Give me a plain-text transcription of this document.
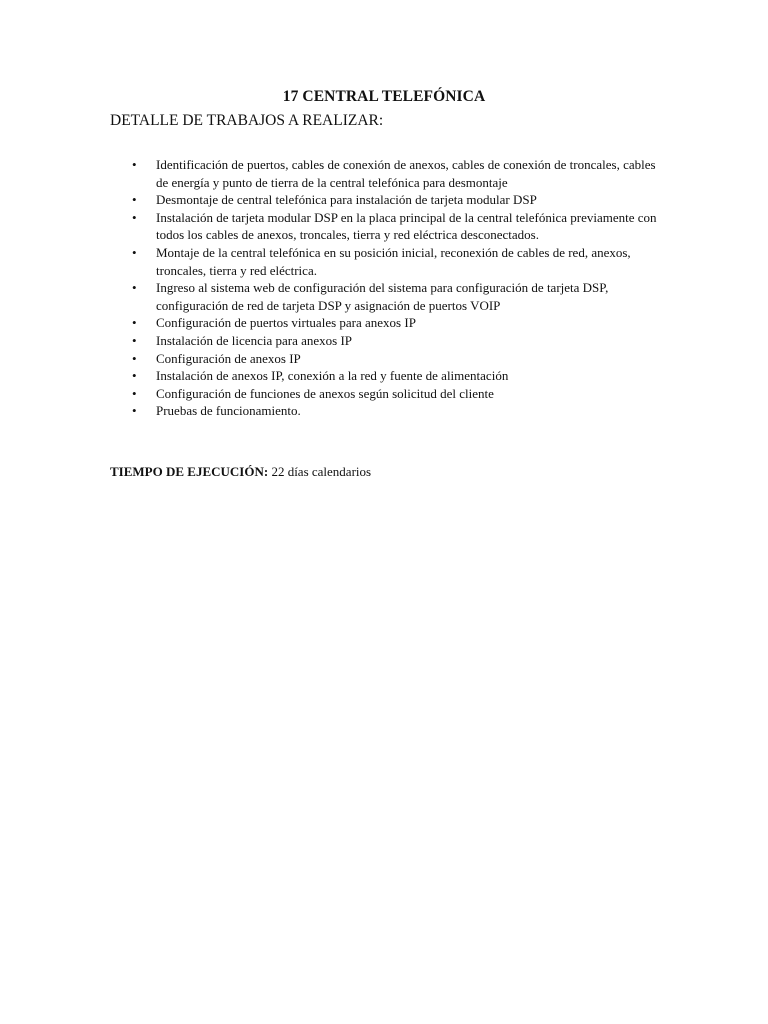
17 CENTRAL TELEFÓNICA
DETALLE DE TRABAJOS A REALIZAR:
• Identificación de puertos, cables de conexión de anexos, cables de conexión de troncales, cables de energía y punto de tierra de la central telefónica para desmontaje
• Desmontaje de central telefónica para instalación de tarjeta modular DSP
• Instalación de tarjeta modular DSP en la placa principal de la central telefónica previamente con todos los cables de anexos, troncales, tierra y red eléctrica desconectados.
• Montaje de la central telefónica en su posición inicial, reconexión de cables de red, anexos, troncales, tierra y red eléctrica.
• Ingreso al sistema web de configuración del sistema para configuración de tarjeta DSP, configuración de red de tarjeta DSP y asignación de puertos VOIP
• Configuración de puertos virtuales para anexos IP
• Instalación de licencia para anexos IP
• Configuración de anexos IP
• Instalación de anexos IP, conexión a la red y fuente de alimentación
• Configuración de funciones de anexos según solicitud del cliente
• Pruebas de funcionamiento.

TIEMPO DE EJECUCIÓN: 22 días calendarios
